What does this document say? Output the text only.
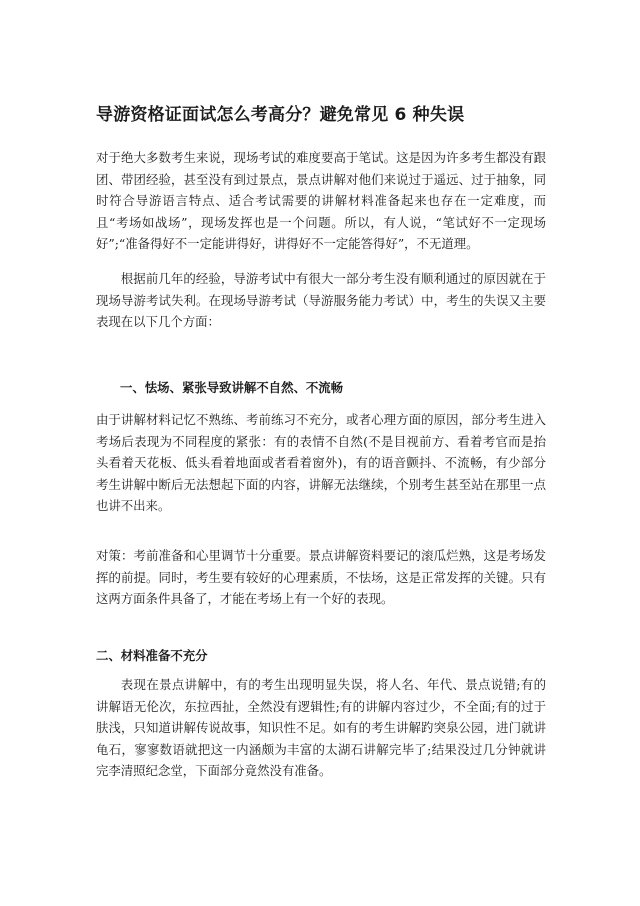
导游资格证面试怎么考高分？避免常见 6 种失误

对于绝大多数考生来说，现场考试的难度要高于笔试。这是因为许多考生都没有跟团、带团经验，甚至没有到过景点，景点讲解对他们来说过于遥远、过于抽象，同时符合导游语言特点、适合考试需要的讲解材料准备起来也存在一定难度，而且“考场如战场”，现场发挥也是一个问题。所以，有人说，“笔试好不一定现场好”;“准备得好不一定能讲得好，讲得好不一定能答得好”，不无道理。

根据前几年的经验，导游考试中有很大一部分考生没有顺利通过的原因就在于现场导游考试失利。在现场导游考试（导游服务能力考试）中，考生的失误又主要表现在以下几个方面：

一、怯场、紧张导致讲解不自然、不流畅

由于讲解材料记忆不熟练、考前练习不充分，或者心理方面的原因，部分考生进入考场后表现为不同程度的紧张：有的表情不自然(不是目视前方、看着考官而是抬头看着天花板、低头看着地面或者看着窗外)，有的语音颤抖、不流畅，有少部分考生讲解中断后无法想起下面的内容，讲解无法继续，个别考生甚至站在那里一点也讲不出来。

对策：考前准备和心里调节十分重要。景点讲解资料要记的滚瓜烂熟，这是考场发挥的前提。同时，考生要有较好的心理素质，不怯场，这是正常发挥的关键。只有这两方面条件具备了，才能在考场上有一个好的表现。

二、材料准备不充分

表现在景点讲解中，有的考生出现明显失误，将人名、年代、景点说错;有的讲解语无伦次，东拉西扯，全然没有逻辑性;有的讲解内容过少，不全面;有的过于肤浅，只知道讲解传说故事，知识性不足。如有的考生讲解趵突泉公园，进门就讲龟石，寥寥数语就把这一内涵颇为丰富的太湖石讲解完毕了;结果没过几分钟就讲完李清照纪念堂，下面部分竟然没有准备。
